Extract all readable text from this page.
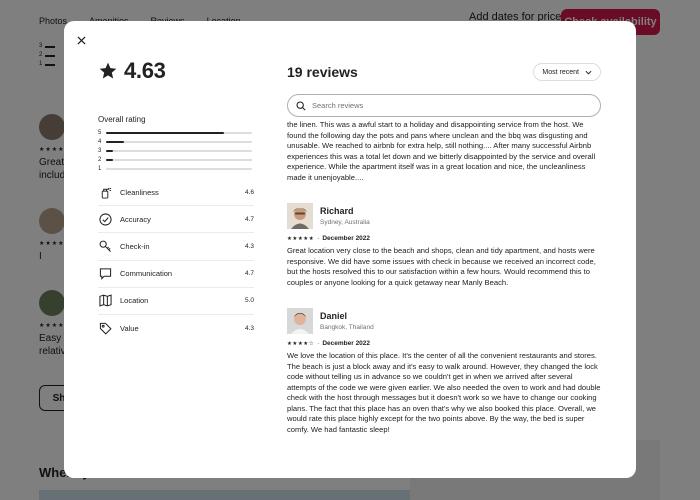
4.63
Overall rating
5
4
3
2
1
Cleanliness	4.6
Accuracy	4.7
Check-in	4.3
Communication	4.7
Location	5.0
Value	4.3
19 reviews	Most recent
Search reviews

the linen. This was a awful start to a holiday and disappointing service from the host. We found the following day the pots and pans where unclean and the bbq was disgusting and unusable. We reached to airbnb for extra help, still nothing.... After many successful Airbnb experiences this was a total let down and we bitterly disappointed by the service and overall experience. While the apartment itself was in a great location and nice, the uncleanliness made it unenjoyable....

Richard
Sydney, Australia
★★★★★ · December 2022

Great location very close to the beach and shops, clean and tidy apartment, and hosts were responsive. We did have some issues with check in because we received an incorrect code, but the hosts resolved this to our satisfaction within a few hours. Would recommend this to couples or anyone looking for a quick getaway near Manly Beach.

Daniel
Bangkok, Thailand
★★★★☆ · December 2022

We love the location of this place. It's the center of all the convenient restaurants and stores. The beach is just a block away and it's easy to walk around. However, they changed the lock code without telling us in advance so we couldn't get in when we arrived after several attempts of the code we were given earlier. We also needed the oven to work and had double check with the host through messages but it doesn't work so we have to change our cooking plans. The fact that this place has an oven that's why we also booked this place. Overall, we would rate this place highly except for the two points above. By the way, the bed is super comfy. We had fantastic sleep!
